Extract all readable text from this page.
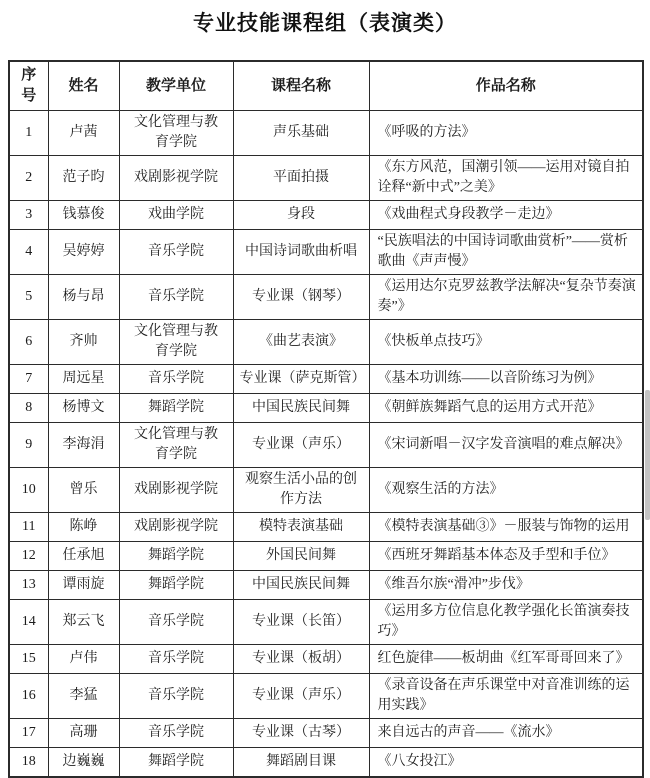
专业技能课程组（表演类）
序号	姓名	教学单位	课程名称	作品名称
1	卢茜	文化管理与教育学院	声乐基础	《呼吸的方法》
2	范子昀	戏剧影视学院	平面拍摄	《东方风范，国潮引领——运用对镜自拍诠释“新中式”之美》
3	钱慕俊	戏曲学院	身段	《戏曲程式身段教学－走边》
4	吴婷婷	音乐学院	中国诗词歌曲析唱	“民族唱法的中国诗词歌曲赏析”——赏析歌曲《声声慢》
5	杨与昂	音乐学院	专业课（钢琴）	《运用达尔克罗兹教学法解决“复杂节奏演奏”》
6	齐帅	文化管理与教育学院	《曲艺表演》	《快板单点技巧》
7	周远星	音乐学院	专业课（萨克斯管）	《基本功训练——以音阶练习为例》
8	杨博文	舞蹈学院	中国民族民间舞	《朝鲜族舞蹈气息的运用方式开范》
9	李海涓	文化管理与教育学院	专业课（声乐）	《宋词新唱－汉字发音演唱的难点解决》
10	曾乐	戏剧影视学院	观察生活小品的创作方法	《观察生活的方法》
11	陈峥	戏剧影视学院	模特表演基础	《模特表演基础③》－服装与饰物的运用
12	任承旭	舞蹈学院	外国民间舞	《西班牙舞蹈基本体态及手型和手位》
13	谭雨旋	舞蹈学院	中国民族民间舞	《维吾尔族“滑冲”步伐》
14	郑云飞	音乐学院	专业课（长笛）	《运用多方位信息化教学强化长笛演奏技巧》
15	卢伟	音乐学院	专业课（板胡）	红色旋律——板胡曲《红军哥哥回来了》
16	李猛	音乐学院	专业课（声乐）	《录音设备在声乐课堂中对音准训练的运用实践》
17	高珊	音乐学院	专业课（古琴）	来自远古的声音——《流水》
18	边巍巍	舞蹈学院	舞蹈剧目课	《八女投江》
